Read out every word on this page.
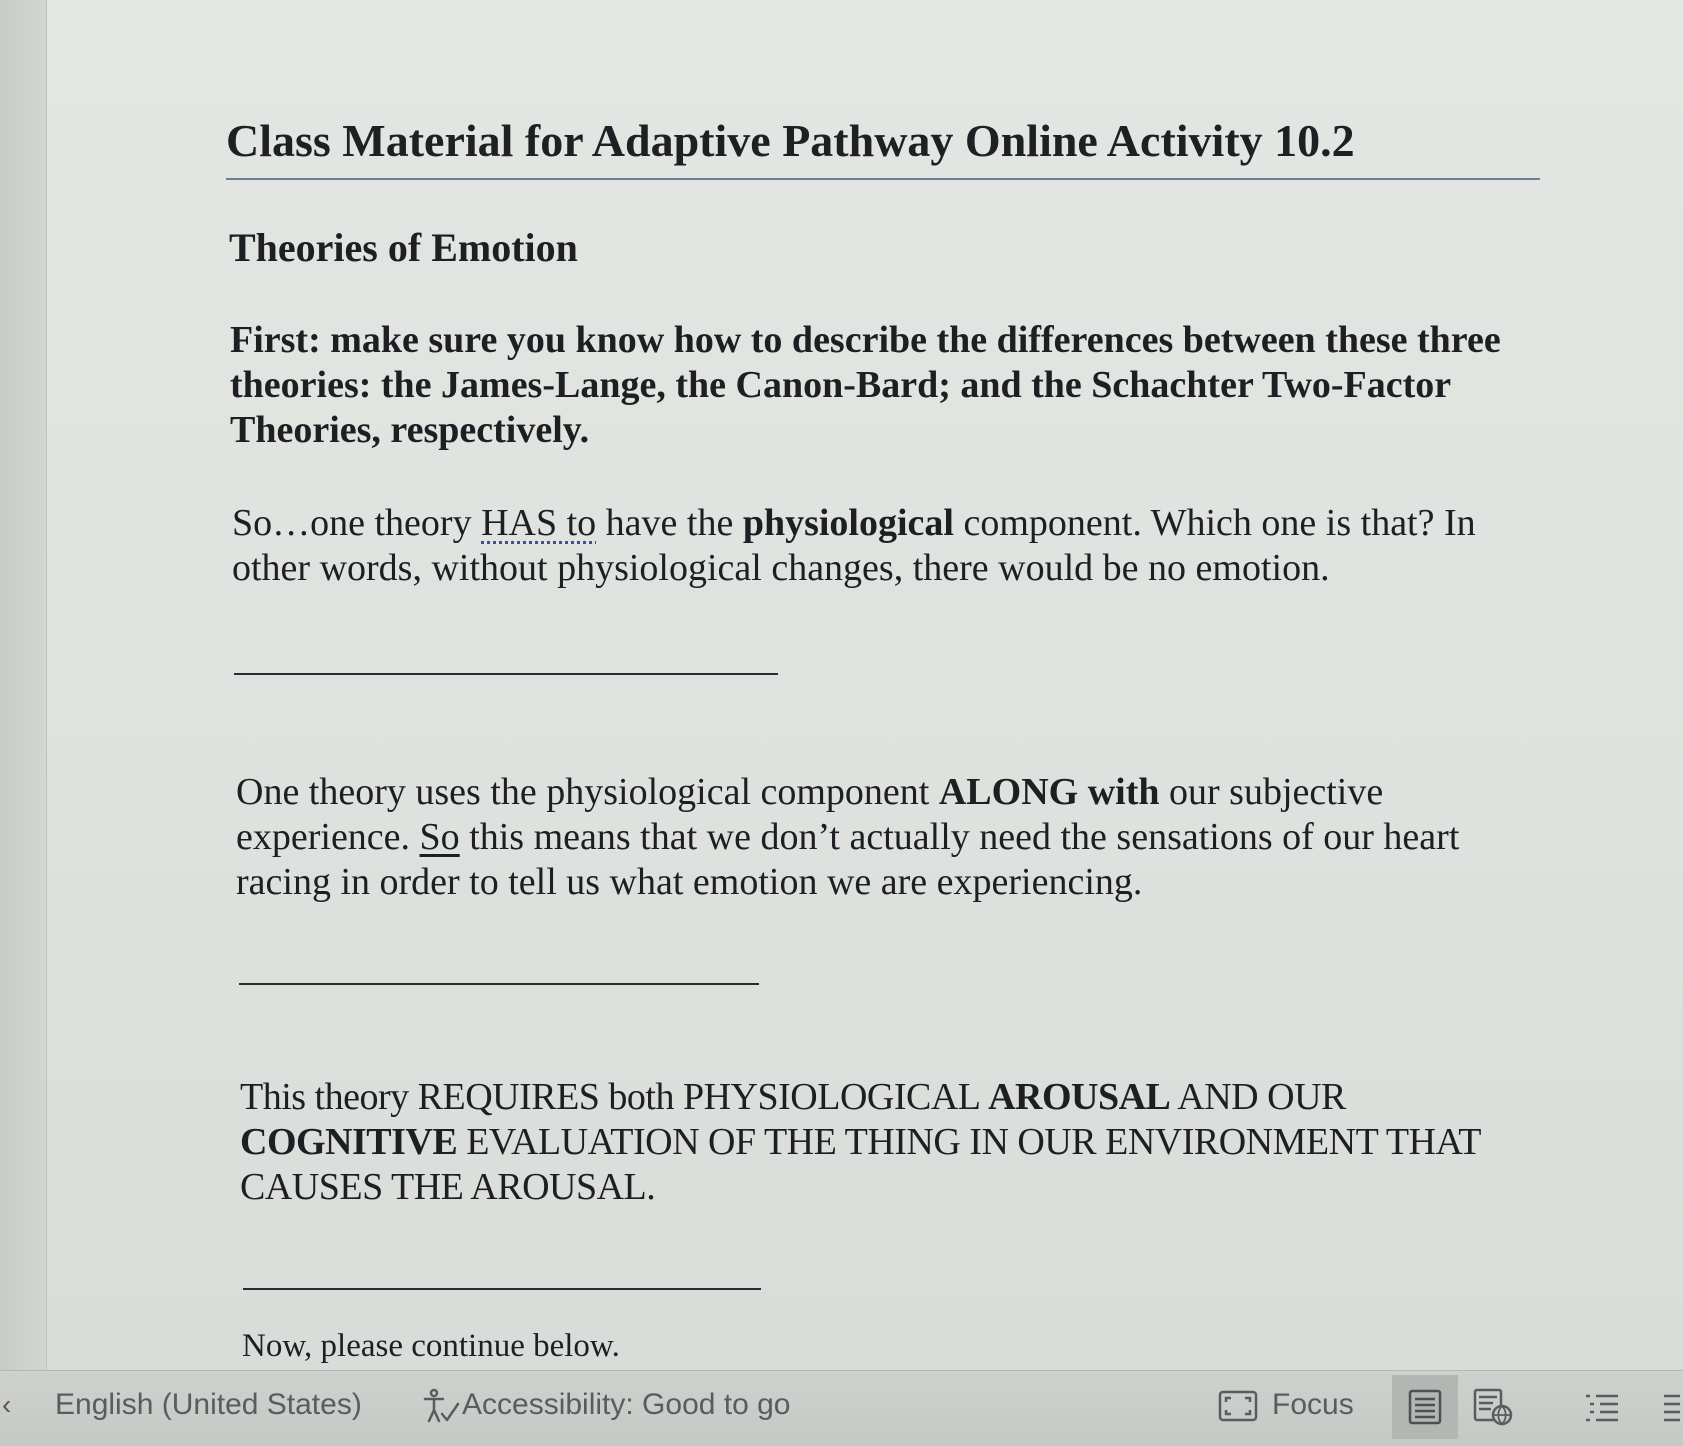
Class Material for Adaptive Pathway Online Activity 10.2
Theories of Emotion

First: make sure you know how to describe the differences between these three theories: the James-Lange, the Canon-Bard; and the Schachter Two-Factor Theories, respectively.

So…one theory HAS to have the physiological component. Which one is that? In other words, without physiological changes, there would be no emotion.

One theory uses the physiological component ALONG with our subjective experience. So this means that we don’t actually need the sensations of our heart racing in order to tell us what emotion we are experiencing.

This theory REQUIRES both PHYSIOLOGICAL AROUSAL AND OUR COGNITIVE EVALUATION OF THE THING IN OUR ENVIRONMENT THAT CAUSES THE AROUSAL.

Now, please continue below.

‹ English (United States)	Accessibility: Good to go	Focus
